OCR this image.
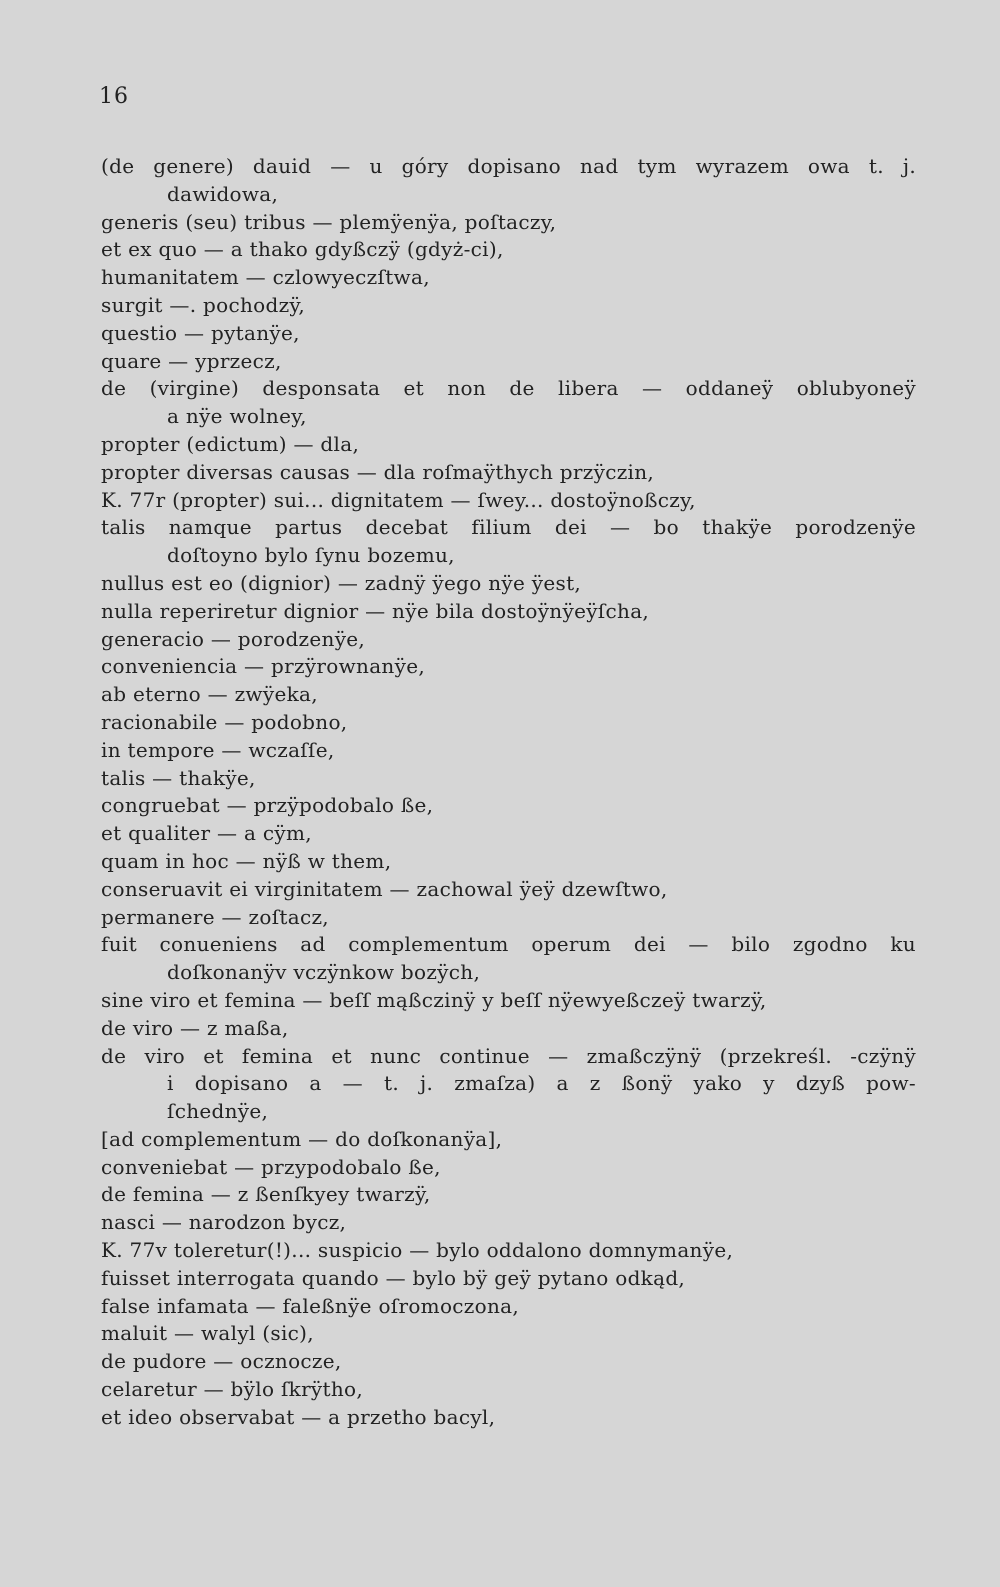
16
(de genere) dauid — u góry dopisano nad tym wyrazem owa t. j.
dawidowa,
generis (seu) tribus — plemÿenÿa, poſtaczy,
et ex quo — a thako gdyßczÿ (gdyż-ci),
humanitatem — czlowyeczſtwa,
surgit —. pochodzÿ,
questio — pytanÿe,
quare — yprzecz,
de (virgine) desponsata et non de libera — oddaneÿ oblubyoneÿ
a nÿe wolney,
propter (edictum) — dla,
propter diversas causas — dla roſmaÿthych przÿczin,
K. 77r (propter) sui... dignitatem — ſwey... dostoÿnoßczy,
talis namque partus decebat filium dei — bo thakÿe porodzenÿe
doſtoyno bylo ſynu bozemu,
nullus est eo (dignior) — zadnÿ ÿego nÿe ÿest,
nulla reperiretur dignior — nÿe bila dostoÿnÿeÿſcha,
generacio — porodzenÿe,
conveniencia — przÿrownanÿe,
ab eterno — zwÿeka,
racionabile — podobno,
in tempore — wczaſſe,
talis — thakÿe,
congruebat — przÿpodobalo ße,
et qualiter — a cÿm,
quam in hoc — nÿß w them,
conseruavit ei virginitatem — zachowal ÿeÿ dzewſtwo,
permanere — zoſtacz,
fuit conueniens ad complementum operum dei — bilo zgodno ku
doſkonanÿv vczÿnkow bozÿch,
sine viro et femina — beſſ mąßczinÿ y beſſ nÿewyeßczeÿ twarzÿ,
de viro — z maßa,
de viro et femina et nunc continue — zmaßczÿnÿ (przekreśl. -czÿnÿ
i dopisano a — t. j. zmaſza) a z ßonÿ yako y dzyß pow-
ſchednÿe,
[ad complementum — do doſkonanÿa],
conveniebat — przypodobalo ße,
de femina — z ßenſkyey twarzÿ,
nasci — narodzon bycz,
K. 77v toleretur(!)... suspicio — bylo oddalono domnymanÿe,
fuisset interrogata quando — bylo bÿ geÿ pytano odkąd,
false infamata — faleßnÿe oſromoczona,
maluit — walyl (sic),
de pudore — ocznocze,
celaretur — bÿlo ſkrÿtho,
et ideo observabat — a przetho bacyl,
